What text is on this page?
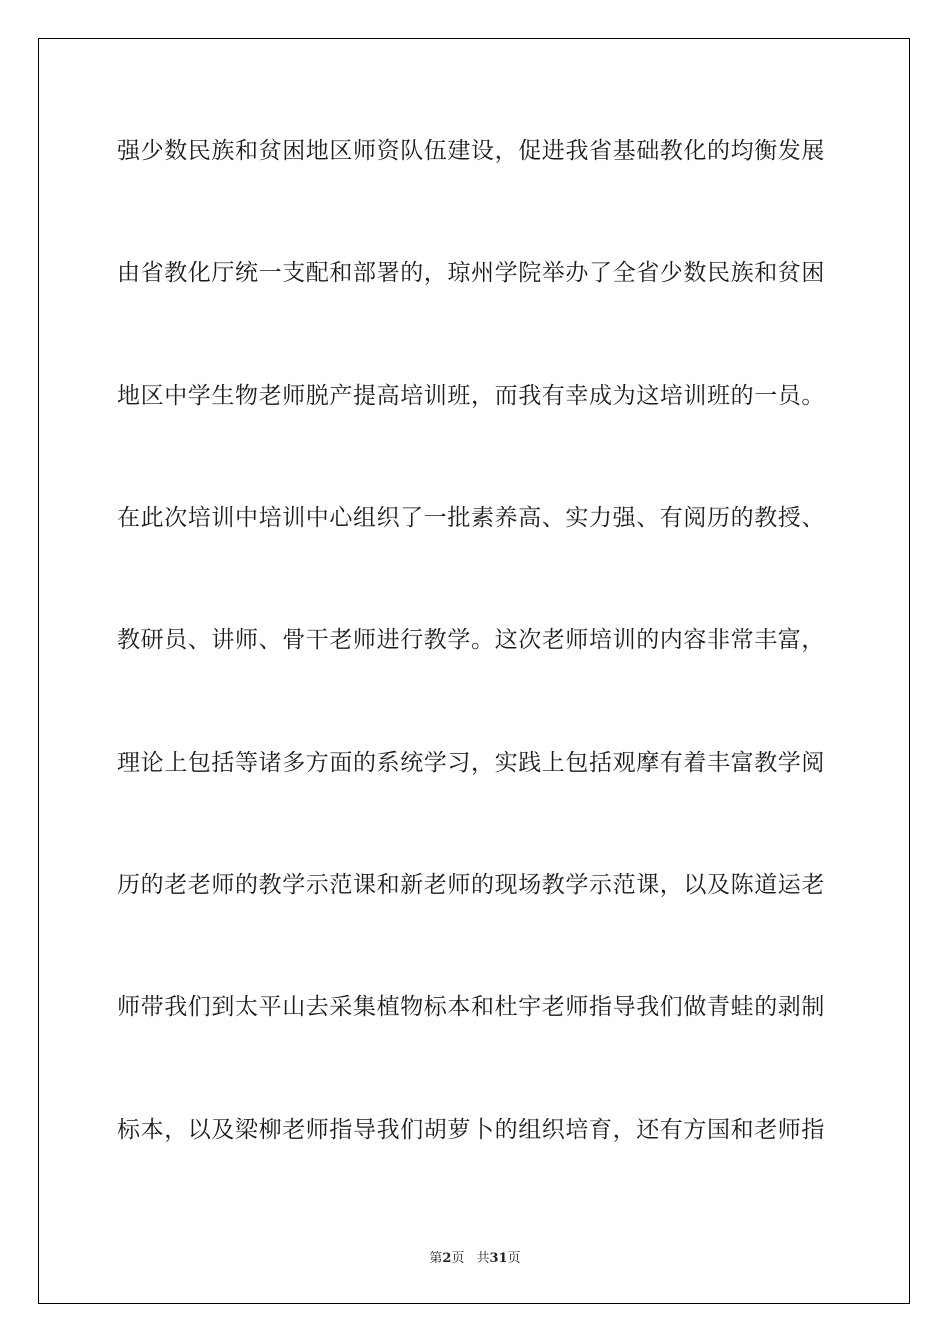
强少数民族和贫困地区师资队伍建设，促进我省基础教化的均衡发展
由省教化厅统一支配和部署的，琼州学院举办了全省少数民族和贫困
地区中学生物老师脱产提高培训班，而我有幸成为这培训班的一员。
在此次培训中培训中心组织了一批素养高、实力强、有阅历的教授、
教研员、讲师、骨干老师进行教学。这次老师培训的内容非常丰富，
理论上包括等诸多方面的系统学习，实践上包括观摩有着丰富教学阅
历的老老师的教学示范课和新老师的现场教学示范课，以及陈道运老
师带我们到太平山去采集植物标本和杜宇老师指导我们做青蛙的剥制
标本，以及梁柳老师指导我们胡萝卜的组织培育，还有方国和老师指
第2页 共31页
